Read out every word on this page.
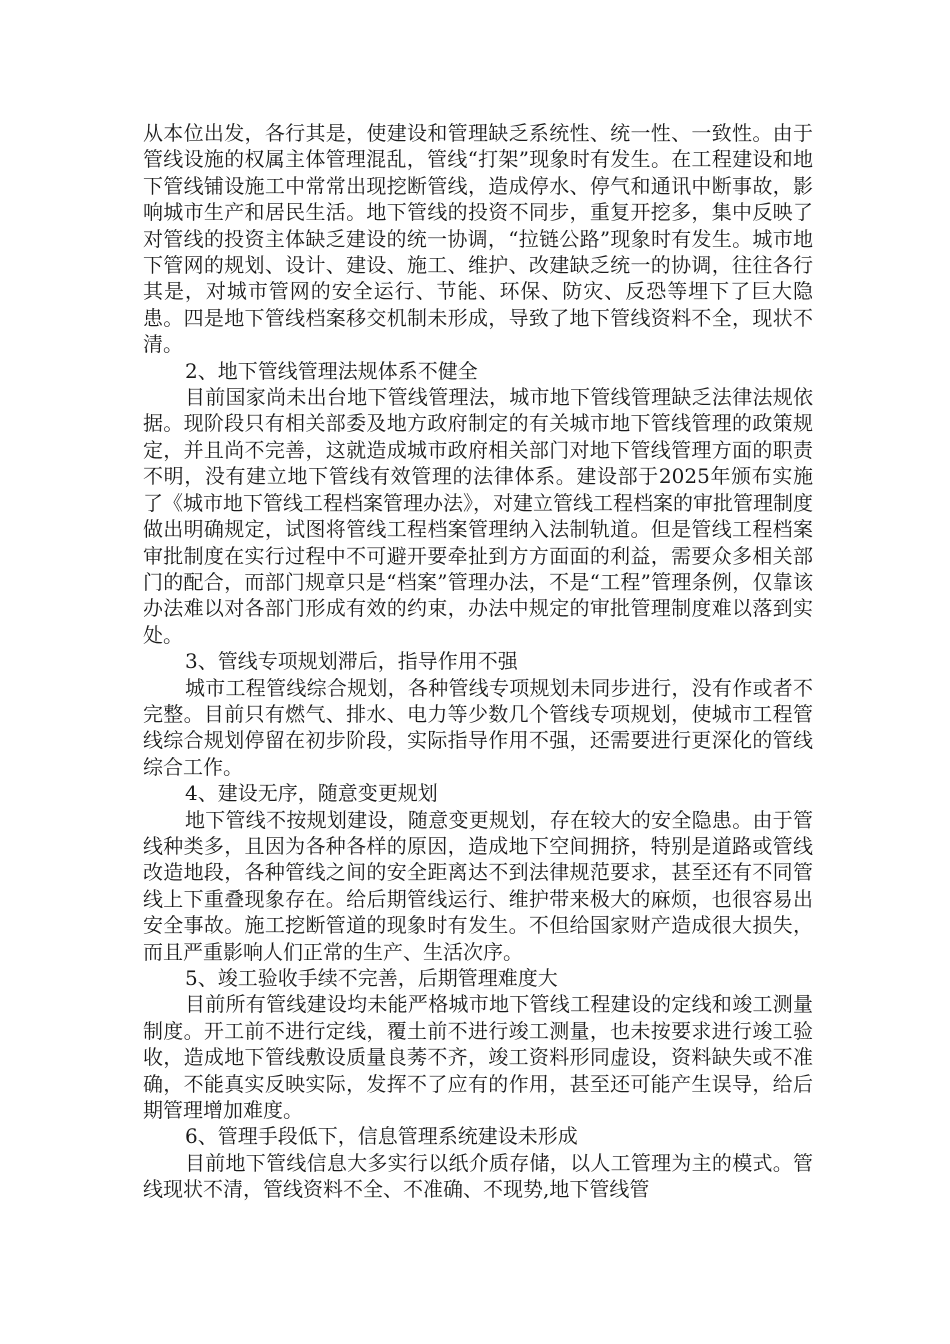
从本位出发，各行其是，使建设和管理缺乏系统性、统一性、一致性。由于管线设施的权属主体管理混乱，管线“打架”现象时有发生。在工程建设和地下管线铺设施工中常常出现挖断管线，造成停水、停气和通讯中断事故，影响城市生产和居民生活。地下管线的投资不同步，重复开挖多，集中反映了对管线的投资主体缺乏建设的统一协调，“拉链公路”现象时有发生。城市地下管网的规划、设计、建设、施工、维护、改建缺乏统一的协调，往往各行其是，对城市管网的安全运行、节能、环保、防灾、反恐等埋下了巨大隐患。四是地下管线档案移交机制未形成，导致了地下管线资料不全，现状不清。

2、地下管线管理法规体系不健全

目前国家尚未出台地下管线管理法，城市地下管线管理缺乏法律法规依据。现阶段只有相关部委及地方政府制定的有关城市地下管线管理的政策规定，并且尚不完善，这就造成城市政府相关部门对地下管线管理方面的职责不明，没有建立地下管线有效管理的法律体系。建设部于2025年颁布实施了《城市地下管线工程档案管理办法》，对建立管线工程档案的审批管理制度做出明确规定，试图将管线工程档案管理纳入法制轨道。但是管线工程档案审批制度在实行过程中不可避开要牵扯到方方面面的利益，需要众多相关部门的配合，而部门规章只是“档案”管理办法，不是“工程”管理条例，仅靠该办法难以对各部门形成有效的约束，办法中规定的审批管理制度难以落到实处。

3、管线专项规划滞后，指导作用不强

城市工程管线综合规划，各种管线专项规划未同步进行，没有作或者不完整。目前只有燃气、排水、电力等少数几个管线专项规划，使城市工程管线综合规划停留在初步阶段，实际指导作用不强，还需要进行更深化的管线综合工作。

4、建设无序，随意变更规划

地下管线不按规划建设，随意变更规划，存在较大的安全隐患。由于管线种类多，且因为各种各样的原因，造成地下空间拥挤，特别是道路或管线改造地段，各种管线之间的安全距离达不到法律规范要求，甚至还有不同管线上下重叠现象存在。给后期管线运行、维护带来极大的麻烦，也很容易出安全事故。施工挖断管道的现象时有发生。不但给国家财产造成很大损失，而且严重影响人们正常的生产、生活次序。

5、竣工验收手续不完善，后期管理难度大

目前所有管线建设均未能严格城市地下管线工程建设的定线和竣工测量制度。开工前不进行定线，覆土前不进行竣工测量，也未按要求进行竣工验收，造成地下管线敷设质量良莠不齐，竣工资料形同虚设，资料缺失或不准确，不能真实反映实际，发挥不了应有的作用，甚至还可能产生误导，给后期管理增加难度。

6、管理手段低下，信息管理系统建设未形成

目前地下管线信息大多实行以纸介质存储，以人工管理为主的模式。管线现状不清，管线资料不全、不准确、不现势,地下管线管
